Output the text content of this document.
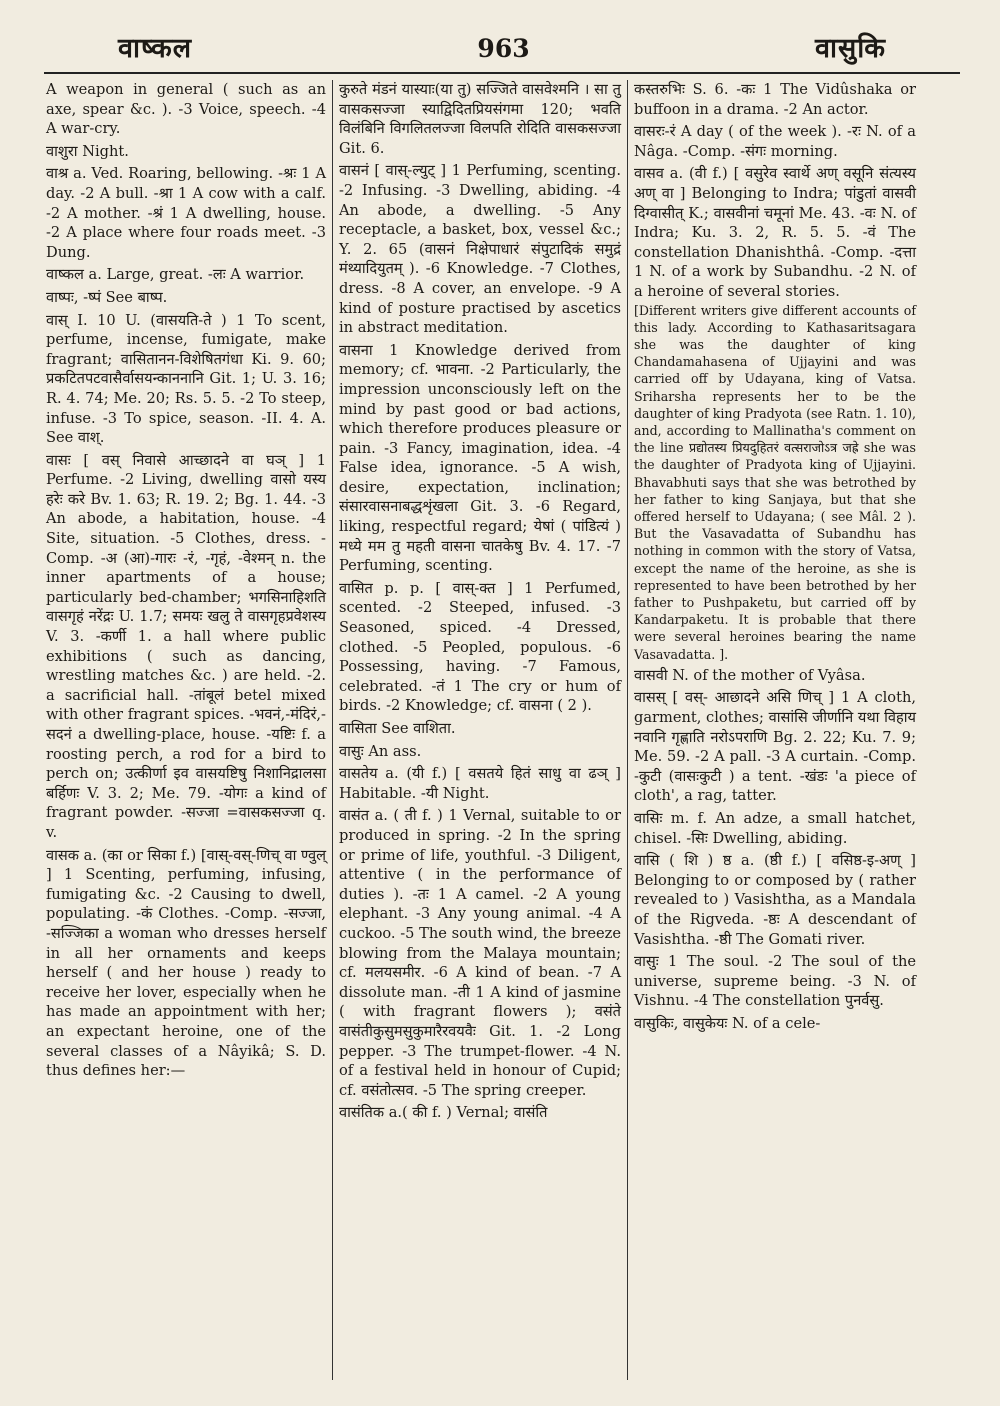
वाष्कल	963	वासुकि

A weapon in general ( such as an axe, spear &c. ). -3 Voice, speech. -4 A war-cry.

वाशुरा Night.

वाश्र a. Ved. Roaring, bellowing. -श्रः 1 A day. -2 A bull. -श्रा 1 A cow with a calf. -2 A mother. -श्रं 1 A dwelling, house. -2 A place where four roads meet. -3 Dung.

वाष्कल a. Large, great. -लः A warrior.

वाष्पः, -ष्पं See बाष्प.

वास् I. 10 U. (वासयति-ते ) 1 To scent, perfume, incense, fumigate, make fragrant; वासितानन-विशेषितगंधा Ki. 9. 60; प्रकटितपटवासैर्वासयन्काननानि Git. 1; U. 3. 16; R. 4. 74; Me. 20; Rs. 5. 5. -2 To steep, infuse. -3 To spice, season. -II. 4. A. See वाश्.

वासः [ वस् निवासे आच्छादने वा घञ् ] 1 Perfume. -2 Living, dwelling वासो यस्य हरेः करे Bv. 1. 63; R. 19. 2; Bg. 1. 44. -3 An abode, a habitation, house. -4 Site, situation. -5 Clothes, dress. -Comp. -अ (आ)-गारः -रं, -गृहं, -वेश्मन् n. the inner apartments of a house; particularly bed-chamber; भगसिनाहिशति वासगृहं नरेंद्रः U. 1.7; समयः खलु ते वासगृहप्रवेशस्य V. 3. -कर्णी 1. a hall where public exhibitions ( such as dancing, wrestling matches &c. ) are held. -2. a sacrificial hall. -तांबूलं betel mixed with other fragrant spices. -भवनं,-मंदिरं,-सदनं a dwelling-place, house. -यष्टिः f. a roosting perch, a rod for a bird to perch on; उत्कीर्णा इव वासयष्टिषु निशानिद्रालसा बर्हिणः V. 3. 2; Me. 79. -योगः a kind of fragrant powder. -सज्जा =वासकसज्जा q. v.

वासक a. (का or सिका f.) [वास्-वस्-णिच् वा ण्वुल् ] 1 Scenting, perfuming, infusing, fumigating &c. -2 Causing to dwell, populating. -कं Clothes. -Comp. -सज्जा, -सज्जिका a woman who dresses herself in all her ornaments and keeps herself ( and her house ) ready to receive her lover, especially when he has made an appointment with her; an expectant heroine, one of the several classes of a Nâyikâ; S. D. thus defines her:—

कुरुते मंडनं यास्याः(या तु) सज्जिते वासवेश्मनि । सा तु वासकसज्जा स्याद्विदितप्रियसंगमा 120; भवति विलंबिनि विगलितलज्जा विलपति रोदिति वासकसज्जा Git. 6.

वासनं [ वास्-ल्युट् ] 1 Perfuming, scenting. -2 Infusing. -3 Dwelling, abiding. -4 An abode, a dwelling. -5 Any receptacle, a basket, box, vessel &c.; Y. 2. 65 (वासनं निक्षेपाधारं संपुटादिकं समुद्रं मंथ्यादियुतम् ). -6 Knowledge. -7 Clothes, dress. -8 A cover, an envelope. -9 A kind of posture practised by ascetics in abstract meditation.

वासना 1 Knowledge derived from memory; cf. भावना. -2 Particularly, the impression unconsciously left on the mind by past good or bad actions, which therefore produces pleasure or pain. -3 Fancy, imagination, idea. -4 False idea, ignorance. -5 A wish, desire, expectation, inclination; संसारवासनाबद्धशृंखला Git. 3. -6 Regard, liking, respectful regard; येषां ( पांडित्यं ) मध्ये मम तु महती वासना चातकेषु Bv. 4. 17. -7 Perfuming, scenting.

वासित p. p. [ वास्-क्त ] 1 Perfumed, scented. -2 Steeped, infused. -3 Seasoned, spiced. -4 Dressed, clothed. -5 Peopled, populous. -6 Possessing, having. -7 Famous, celebrated. -तं 1 The cry or hum of birds. -2 Knowledge; cf. वासना ( 2 ).

वासिता See वाशिता.

वासुः An ass.

वासतेय a. (यी f.) [ वसतये हितं साधु वा ढञ् ] Habitable. -यी Night.

वासंत a. ( ती f. ) 1 Vernal, suitable to or produced in spring. -2 In the spring or prime of life, youthful. -3 Diligent, attentive ( in the performance of duties ). -तः 1 A camel. -2 A young elephant. -3 Any young animal. -4 A cuckoo. -5 The south wind, the breeze blowing from the Malaya mountain; cf. मलयसमीर. -6 A kind of bean. -7 A dissolute man. -ती 1 A kind of jasmine ( with fragrant flowers ); वसंते वासंतीकुसुमसुकुमारैरवयवैः Git. 1. -2 Long pepper. -3 The trumpet-flower. -4 N. of a festival held in honour of Cupid; cf. वसंतोत्सव. -5 The spring creeper.

वासंतिक a.( की f. ) Vernal; वासंति

कस्तरुभिः S. 6. -कः 1 The Vidûshaka or buffoon in a drama. -2 An actor.

वासरः-रं A day ( of the week ). -रः N. of a Nâga. -Comp. -संगः morning.

वासव a. (वी f.) [ वसुरेव स्वार्थे अण् वसूनि संत्यस्य अण् वा ] Belonging to Indra; पांडुतां वासवी दिग्वासीत् K.; वासवीनां चमूनां Me. 43. -वः N. of Indra; Ku. 3. 2, R. 5. 5. -वं The constellation Dhanishthâ. -Comp. -दत्ता 1 N. of a work by Subandhu. -2 N. of a heroine of several stories.

[Different writers give different accounts of this lady. According to Kathasaritsagara she was the daughter of king Chandamahasena of Ujjayini and was carried off by Udayana, king of Vatsa. Sriharsha represents her to be the daughter of king Pradyota (see Ratn. 1. 10), and, according to Mallinatha's comment on the line प्रद्योतस्य प्रियदुहितरं वत्सराजोऽत्र जह्रे she was the daughter of Pradyota king of Ujjayini. Bhavabhuti says that she was betrothed by her father to king Sanjaya, but that she offered herself to Udayana; ( see Mâl. 2 ). But the Vasavadatta of Subandhu has nothing in common with the story of Vatsa, except the name of the heroine, as she is represented to have been betrothed by her father to Pushpaketu, but carried off by Kandarpaketu. It is probable that there were several heroines bearing the name Vasavadatta. ].

वासवी N. of the mother of Vyâsa.

वासस् [ वस्- आछादने असि णिच् ] 1 A cloth, garment, clothes; वासांसि जीर्णानि यथा विहाय नवानि गृह्णाति नरोऽपराणि Bg. 2. 22; Ku. 7. 9; Me. 59. -2 A pall. -3 A curtain. -Comp. -कुटी (वासःकुटी ) a tent. -खंडः 'a piece of cloth', a rag, tatter.

वासिः m. f. An adze, a small hatchet, chisel. -सिः Dwelling, abiding.

वासि ( शि ) ष्ठ a. (ष्ठी f.) [ वसिष्ठ-इ-अण् ] Belonging to or composed by ( rather revealed to ) Vasishtha, as a Mandala of the Rigveda. -ष्ठः A descendant of Vasishtha. -ष्ठी The Gomati river.

वासुः 1 The soul. -2 The soul of the universe, supreme being. -3 N. of Vishnu. -4 The constellation पुनर्वसु.

वासुकिः, वासुकेयः N. of a cele-
